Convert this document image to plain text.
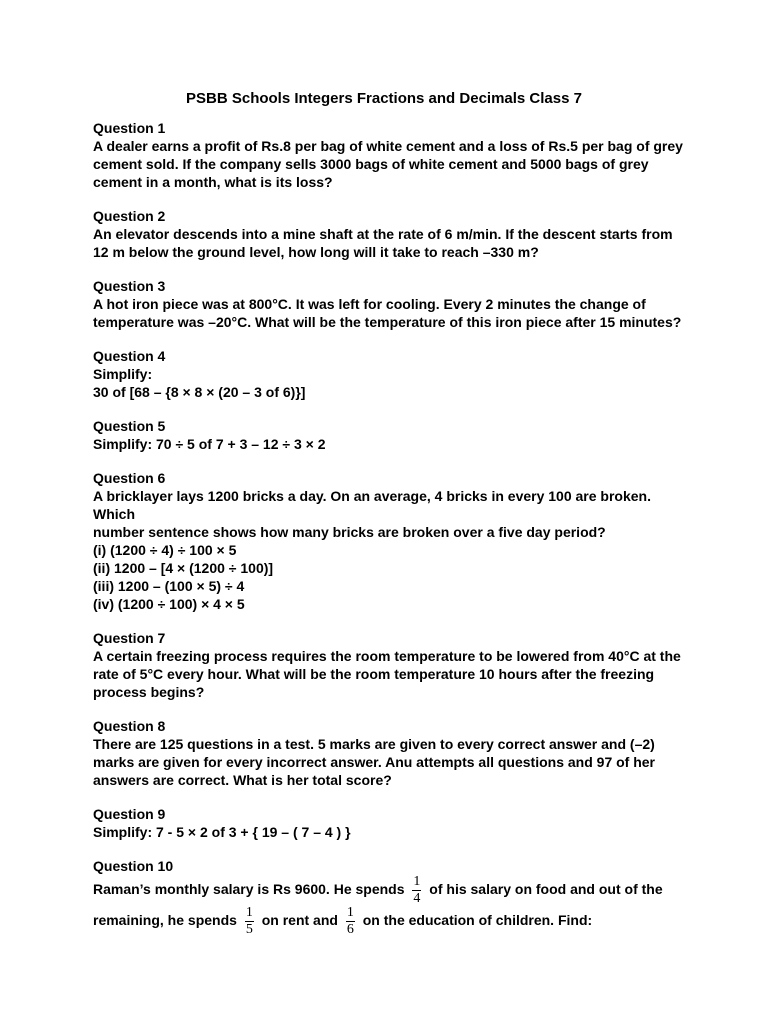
PSBB Schools Integers Fractions and Decimals Class 7

Question 1

A dealer earns a profit of Rs.8 per bag of white cement and a loss of Rs.5 per bag of grey

cement sold. If the company sells 3000 bags of white cement and 5000 bags of grey

cement in a month, what is its loss?

Question 2

An elevator descends into a mine shaft at the rate of 6 m/min. If the descent starts from

12 m below the ground level, how long will it take to reach –330 m?

Question 3

A hot iron piece was at 800°C. It was left for cooling. Every 2 minutes the change of

temperature was –20°C. What will be the temperature of this iron piece after 15 minutes?

Question 4

Simplify:

30 of [68 – {8 × 8 × (20 – 3 of 6)}]

Question 5

Simplify: 70 ÷ 5 of 7 + 3 – 12 ÷ 3 × 2

Question 6

A bricklayer lays 1200 bricks a day. On an average, 4 bricks in every 100 are broken. Which

number sentence shows how many bricks are broken over a five day period?

(i) (1200 ÷ 4) ÷ 100 × 5

(ii) 1200 – [4 × (1200 ÷ 100)]

(iii) 1200 – (100 × 5) ÷ 4

(iv) (1200 ÷ 100) × 4 × 5

Question 7

A certain freezing process requires the room temperature to be lowered from 40°C at the

rate of 5°C every hour. What will be the room temperature 10 hours after the freezing

process begins?

Question 8

There are 125 questions in a test. 5 marks are given to every correct answer and (–2)

marks are given for every incorrect answer. Anu attempts all questions and 97 of her

answers are correct. What is her total score?

Question 9

Simplify: 7 - 5 × 2 of 3 + { 19 – ( 7 – 4 ) }

Question 10

Raman’s monthly salary is Rs 9600. He spends $\frac{1}{4}$ of his salary on food and out of the

remaining, he spends $\frac{1}{5}$ on rent and $\frac{1}{6}$ on the education of children. Find:
